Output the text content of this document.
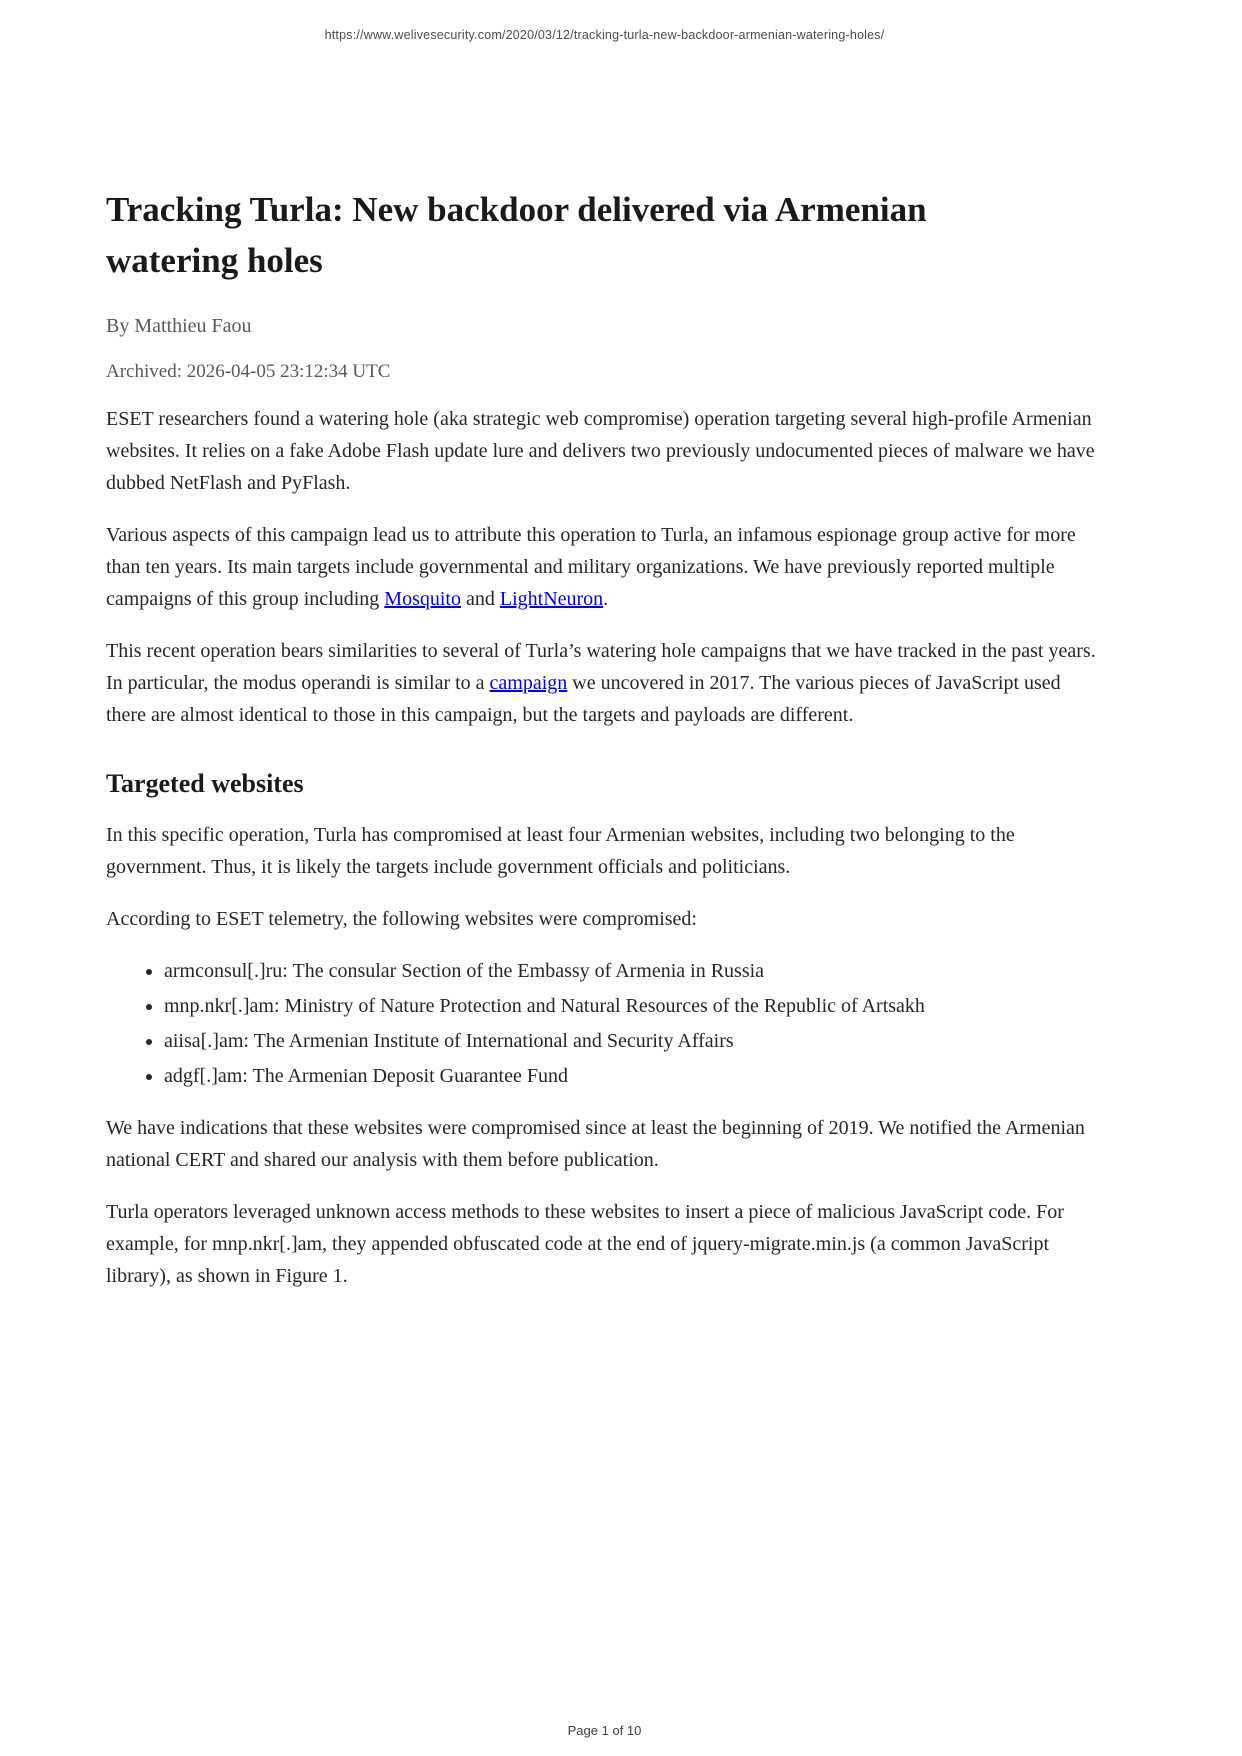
https://www.welivesecurity.com/2020/03/12/tracking-turla-new-backdoor-armenian-watering-holes/
Tracking Turla: New backdoor delivered via Armenian watering holes

By Matthieu Faou

Archived: 2026-04-05 23:12:34 UTC

ESET researchers found a watering hole (aka strategic web compromise) operation targeting several high-profile Armenian websites. It relies on a fake Adobe Flash update lure and delivers two previously undocumented pieces of malware we have dubbed NetFlash and PyFlash.

Various aspects of this campaign lead us to attribute this operation to Turla, an infamous espionage group active for more than ten years. Its main targets include governmental and military organizations. We have previously reported multiple campaigns of this group including Mosquito and LightNeuron.

This recent operation bears similarities to several of Turla’s watering hole campaigns that we have tracked in the past years. In particular, the modus operandi is similar to a campaign we uncovered in 2017. The various pieces of JavaScript used there are almost identical to those in this campaign, but the targets and payloads are different.

Targeted websites

In this specific operation, Turla has compromised at least four Armenian websites, including two belonging to the government. Thus, it is likely the targets include government officials and politicians.

According to ESET telemetry, the following websites were compromised:

• armconsul[.]ru: The consular Section of the Embassy of Armenia in Russia
• mnp.nkr[.]am: Ministry of Nature Protection and Natural Resources of the Republic of Artsakh
• aiisa[.]am: The Armenian Institute of International and Security Affairs
• adgf[.]am: The Armenian Deposit Guarantee Fund

We have indications that these websites were compromised since at least the beginning of 2019. We notified the Armenian national CERT and shared our analysis with them before publication.

Turla operators leveraged unknown access methods to these websites to insert a piece of malicious JavaScript code. For example, for mnp.nkr[.]am, they appended obfuscated code at the end of jquery-migrate.min.js (a common JavaScript library), as shown in Figure 1.

Page 1 of 10
